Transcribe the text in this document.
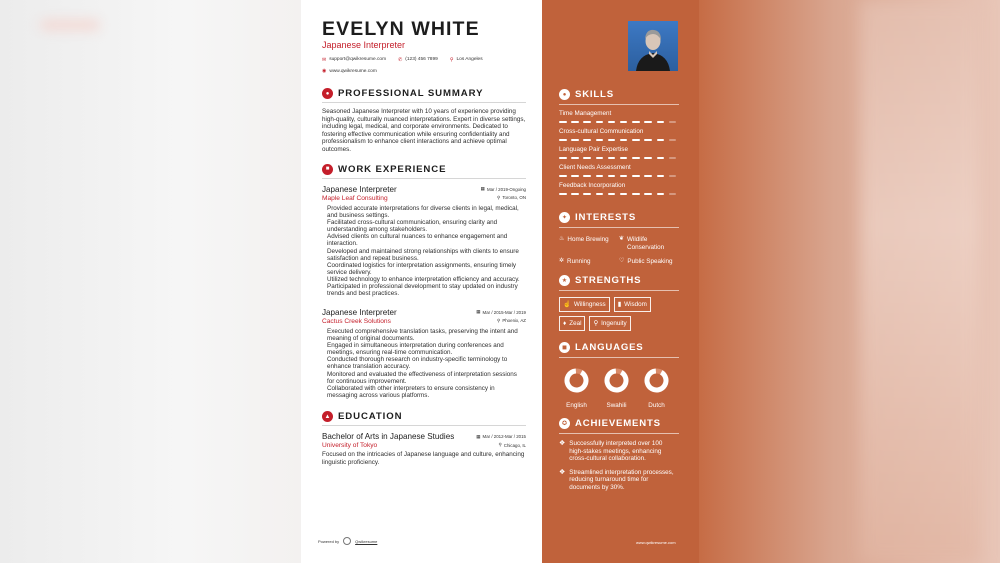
EVELYN WHITE
Japanese Interpreter
✉ support@qwikresume.com ✆ (123) 456 7899 ⚲ Los Angeles
◉ www.qwikresume.com
● PROFESSIONAL SUMMARY
Seasoned Japanese Interpreter with 10 years of experience providing high-quality, culturally nuanced interpretations. Expert in diverse settings, including legal, medical, and corporate environments. Dedicated to fostering effective communication while ensuring confidentiality and professionalism to enhance client interactions and achieve optimal outcomes.
■ WORK EXPERIENCE
Japanese Interpreter	▦ Mar / 2019-Ongoing
Maple Leaf Consulting	⚲ Toronto, ON
Provided accurate interpretations for diverse clients in legal, medical, and business settings.
Facilitated cross-cultural communication, ensuring clarity and understanding among stakeholders.
Advised clients on cultural nuances to enhance engagement and interaction.
Developed and maintained strong relationships with clients to ensure satisfaction and repeat business.
Coordinated logistics for interpretation assignments, ensuring timely service delivery.
Utilized technology to enhance interpretation efficiency and accuracy.
Participated in professional development to stay updated on industry trends and best practices.
Japanese Interpreter	▦ Mar / 2015-Mar / 2019
Cactus Creek Solutions	⚲ Phoenix, AZ
Executed comprehensive translation tasks, preserving the intent and meaning of original documents.
Engaged in simultaneous interpretation during conferences and meetings, ensuring real-time communication.
Conducted thorough research on industry-specific terminology to enhance translation accuracy.
Monitored and evaluated the effectiveness of interpretation sessions for continuous improvement.
Collaborated with other interpreters to ensure consistency in messaging across various platforms.
▲ EDUCATION
Bachelor of Arts in Japanese Studies	▦ Mar / 2012-Mar / 2015
University of Tokyo	⚲ Chicago, IL
Focused on the intricacies of Japanese language and culture, enhancing linguistic proficiency.
Powered by	Qwikresume
● SKILLS
Time Management
Cross-cultural Communication
Language Pair Expertise
Client Needs Assessment
Feedback Incorporation
✦ INTERESTS
♨ Home Brewing ❦ Wildlife Conservation
✲ Running	♡ Public Speaking
★ STRENGTHS
☝ Willingness ▮ Wisdom
♦ Zeal ⚲ Ingenuity
◼ LANGUAGES
English	Swahili	Dutch
✪ ACHIEVEMENTS
❖ Successfully interpreted over 100 high-stakes meetings, enhancing cross-cultural collaboration.
❖ Streamlined interpretation processes, reducing turnaround time for documents by 30%.
www.qwikresume.com
